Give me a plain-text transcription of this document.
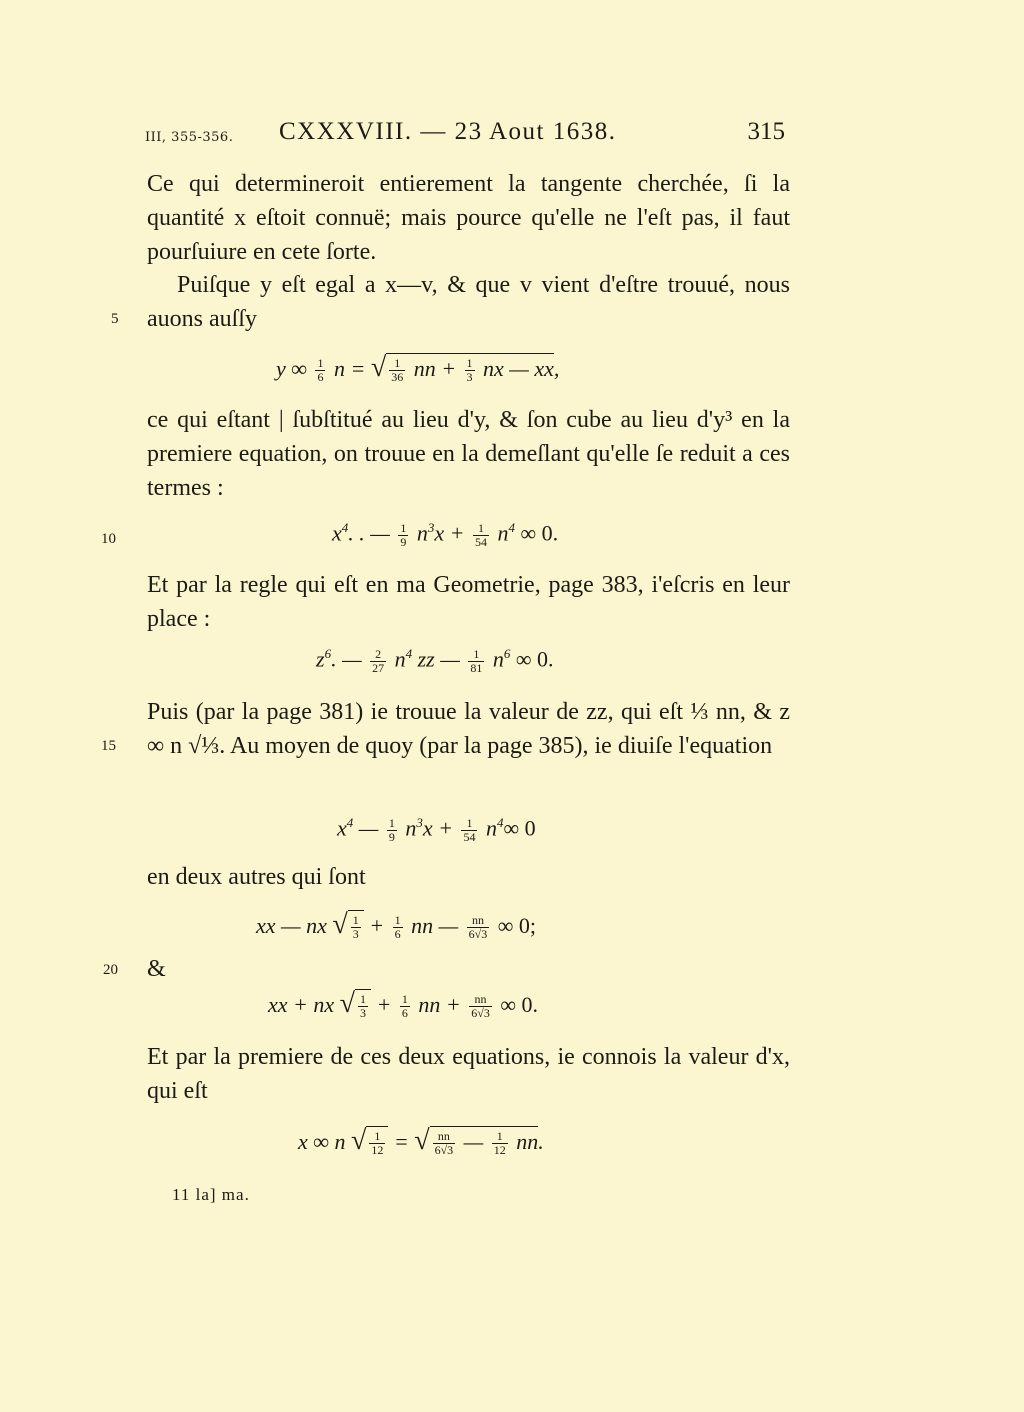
III, 355-356. CXXXVIII. — 23 Aout 1638.	315
Ce qui determineroit entierement la tangente cherchée, ſi la quantité x eſtoit connuë; mais pource qu'elle ne l'eſt pas, il faut pourſuiure en cete ſorte.
Puiſque y eſt egal a x—v, & que v vient d'eſtre trouué, nous auons auſſy
5
y ∞ $\frac{1}{6}$ n = √ $\frac{1}{36}$ nn + $\frac{1}{3}$ nx — xx,
ce qui eſtant | ſubſtitué au lieu d'y, & ſon cube au lieu d'y³ en la premiere equation, on trouue en la demeſlant qu'elle ſe reduit a ces termes :
10	$x^4$. . — $\frac{1}{9} n^3x + \frac{1}{54} n^4$ ∞ 0.
Et par la regle qui eſt en ma Geometrie, page 383, i'eſcris en leur place :
$z^6$. — $\frac{2}{27} n^4$ zz — $\frac{1}{81} n^6$ ∞ 0.
Puis (par la page 381) ie trouue la valeur de zz, qui eſt ⅓ nn, & z ∞ n √⅓. Au moyen de quoy (par la page 385), ie diuiſe l'equation
15
$x^4$ — $\frac{1}{9} n^3x + \frac{1}{54} n^4\infty$ 0
en deux autres qui ſont
xx — nx √ $\frac{1}{3} + \frac{1}{6}$ nn — $\frac{nn}{6√3}$ ∞ 0;
20 &
xx + nx √ $\frac{1}{3} + \frac{1}{6}$ nn + $\frac{nn}{6√3}$ ∞ 0.
Et par la premiere de ces deux equations, ie connois la valeur d'x, qui eſt
x ∞ n √ $\frac{1}{12}$ = √ $\frac{nn}{6√3}$ — $\frac{1}{12}$ nn.
11 la] ma.
